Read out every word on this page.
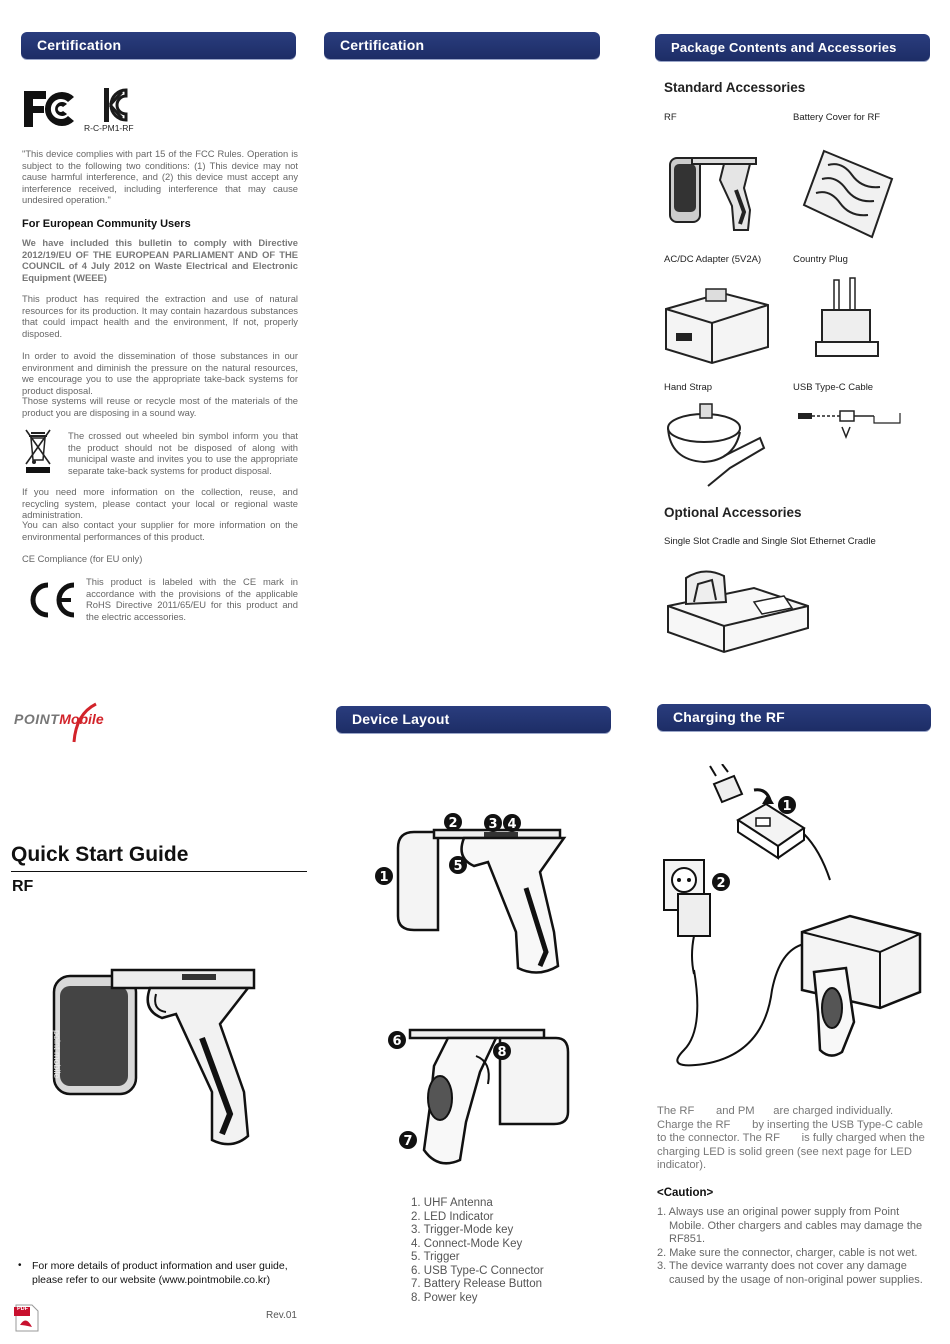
Certification
R-C-PM1-RF
"This device complies with part 15 of the FCC Rules. Operation is subject to the following two conditions: (1) This device may not cause harmful interference, and (2) this device must accept any interference received, including interference that may cause undesired operation."
For European Community Users
We have included this bulletin to comply with Directive 2012/19/EU OF THE EUROPEAN PARLIAMENT AND OF THE COUNCIL of 4 July 2012 on Waste Electrical and Electronic Equipment (WEEE)
This product has required the extraction and use of natural resources for its production. It may contain hazardous substances that could impact health and the environment, If not, properly disposed.
In order to avoid the dissemination of those substances in our environment and diminish the pressure on the natural resources, we encourage you to use the appropriate take-back systems for product disposal.
Those systems will reuse or recycle most of the materials of the product you are disposing in a sound way.
The crossed out wheeled bin symbol inform you that the product should not be disposed of along with municipal waste and invites you to use the appropriate separate take-back systems for product disposal.
If you need more information on the collection, reuse, and recycling system, please contact your local or regional waste administration.
You can also contact your supplier for more information on the environmental performances of this product.
CE Compliance (for EU only)
This product is labeled with the CE mark in accordance with the provisions of the applicable RoHS Directive 2011/65/EU for this product and the electric accessories.
Certification	Package Contents and Accessories
Standard Accessories
RF	Battery Cover for RF
AC/DC Adapter (5V2A)	Country Plug
Hand Strap	USB Type-C Cable
Optional Accessories
Single Slot Cradle and Single Slot Ethernet Cradle
POINTMobile
Quick Start Guide
RF
point mobile
• For more details of product information and user guide, please refer to our website (www.pointmobile.co.kr)
PDF
Rev.01
Device Layout
1
2 3 4
5
6
7
8
1. UHF Antenna
2. LED Indicator
3. Trigger-Mode key
4. Connect-Mode Key
5. Trigger
6. USB Type-C Connector
7. Battery Release Button
8. Power key
Charging the RF
1
2
The RF       and PM      are charged individually. Charge the RF       by inserting the USB Type-C cable to the connector. The RF       is fully charged when the charging LED is solid green (see next page for LED indicator).
<Caution>
1. Always use an original power supply from Point Mobile. Other chargers and cables may damage the RF851.
2. Make sure the connector, charger, cable is not wet.
3. The device warranty does not cover any damage caused by the usage of non-original power supplies.
